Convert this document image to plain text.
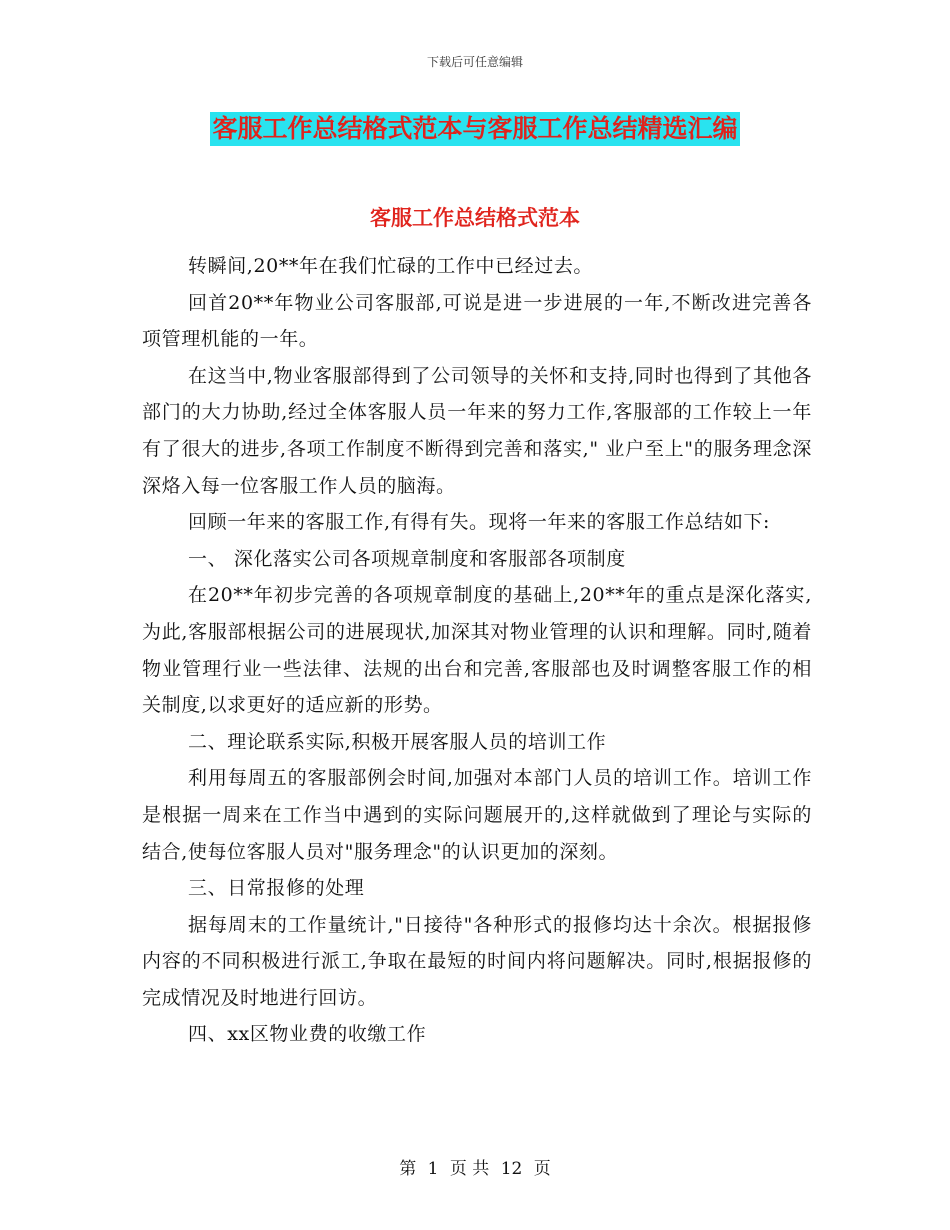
下载后可任意编辑
客服工作总结格式范本与客服工作总结精选汇编
客服工作总结格式范本

转瞬间,20**年在我们忙碌的工作中已经过去。

回首20**年物业公司客服部,可说是进一步进展的一年,不断改进完善各项管理机能的一年。

在这当中,物业客服部得到了公司领导的关怀和支持,同时也得到了其他各部门的大力协助,经过全体客服人员一年来的努力工作,客服部的工作较上一年有了很大的进步,各项工作制度不断得到完善和落实," 业户至上"的服务理念深深烙入每一位客服工作人员的脑海。

回顾一年来的客服工作,有得有失。现将一年来的客服工作总结如下:

一、 深化落实公司各项规章制度和客服部各项制度

在20**年初步完善的各项规章制度的基础上,20**年的重点是深化落实,为此,客服部根据公司的进展现状,加深其对物业管理的认识和理解。同时,随着物业管理行业一些法律、法规的出台和完善,客服部也及时调整客服工作的相关制度,以求更好的适应新的形势。

二、理论联系实际,积极开展客服人员的培训工作

利用每周五的客服部例会时间,加强对本部门人员的培训工作。培训工作是根据一周来在工作当中遇到的实际问题展开的,这样就做到了理论与实际的结合,使每位客服人员对"服务理念"的认识更加的深刻。

三、日常报修的处理

据每周末的工作量统计,"日接待"各种形式的报修均达十余次。根据报修内容的不同积极进行派工,争取在最短的时间内将问题解决。同时,根据报修的完成情况及时地进行回访。

四、xx区物业费的收缴工作

第 1 页 共 12 页
